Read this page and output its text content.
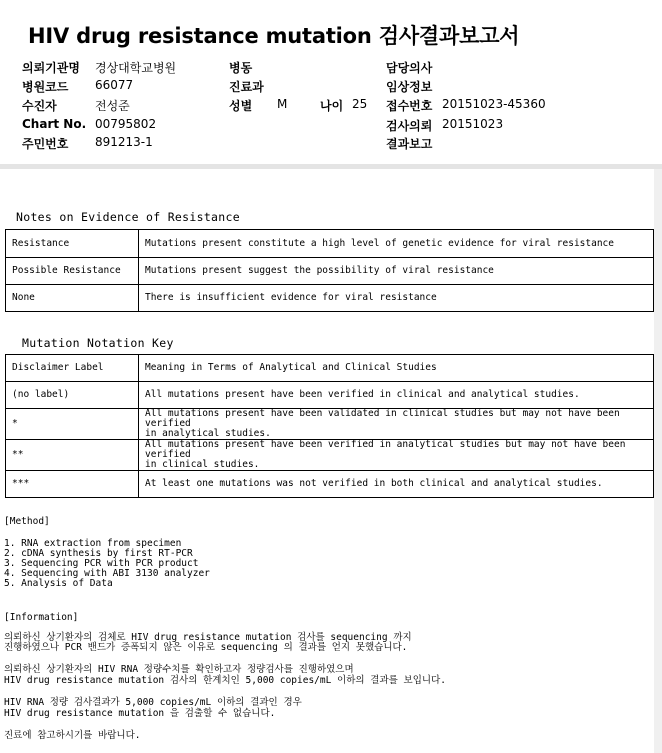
HIV drug resistance mutation 검사결과보고서
의뢰기관명 경상대학교병원
병원코드 66077
수진자	전성준
Chart No. 00795802
주민번호 891213-1
병동
진료과
성별 M	나이 25
담당의사
임상정보
접수번호 20151023-45360
검사의뢰 20151023
결과보고
Notes on Evidence of Resistance
Resistance	Mutations present constitute a high level of genetic evidence for viral resistance
Possible Resistance	Mutations present suggest the possibility of viral resistance
None	There is insufficient evidence for viral resistance
Mutation Notation Key
Disclaimer Label	Meaning in Terms of Analytical and Clinical Studies
(no label)	All mutations present have been verified in clinical and analytical studies.

*	All mutations present have been validated in clinical studies but may not have been verified
in analytical studies.

**	All mutations present have been verified in analytical studies but may not have been verified
in clinical studies.

***	At least one mutations was not verified in both clinical and analytical studies.
[Method]
1. RNA extraction from specimen
2. cDNA synthesis by first RT-PCR
3. Sequencing PCR with PCR product
4. Sequencing with ABI 3130 analyzer
5. Analysis of Data
[Information]
의뢰하신 상기환자의 검체로 HIV drug resistance mutation 검사를 sequencing 까지
진행하였으나 PCR 밴드가 증폭되지 않은 이유로 sequencing 의 결과를 얻지 못했습니다.
의뢰하신 상기환자의 HIV RNA 정량수치를 확인하고자 정량검사를 진행하였으며
HIV drug resistance mutation 검사의 한계치인 5,000 copies/mL 이하의 결과를 보입니다.
HIV RNA 정량 검사결과가 5,000 copies/mL 이하의 결과인 경우
HIV drug resistance mutation 을 검출할 수 없습니다.
진료에 참고하시기를 바랍니다.
